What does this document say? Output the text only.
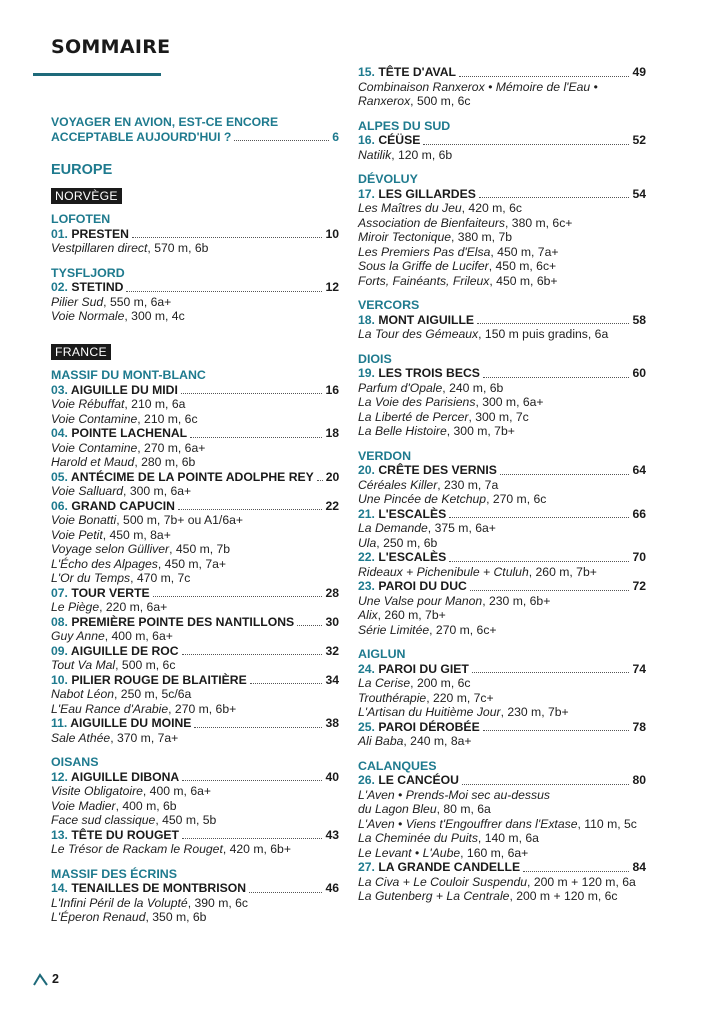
SOMMAIRE
VOYAGER EN AVION, EST-CE ENCORE
ACCEPTABLE AUJOURD'HUI ?	6
EUROPE
NORVÈGE
LOFOTEN
01. PRESTEN	10
Vestpillaren direct, 570 m, 6b
TYSFLJORD
02. STETIND	12
Pilier Sud, 550 m, 6a+
Voie Normale, 300 m, 4c
FRANCE
MASSIF DU MONT-BLANC
03. AIGUILLE DU MIDI	16
Voie Rébuffat, 210 m, 6a
Voie Contamine, 210 m, 6c
04. POINTE LACHENAL	18
Voie Contamine, 270 m, 6a+
Harold et Maud, 280 m, 6b
05. ANTÉCIME DE LA POINTE ADOLPHE REY 20
Voie Salluard, 300 m, 6a+
06. GRAND CAPUCIN	22
Voie Bonatti, 500 m, 7b+ ou A1/6a+
Voie Petit, 450 m, 8a+
Voyage selon Gülliver, 450 m, 7b
L'Écho des Alpages, 450 m, 7a+
L'Or du Temps, 470 m, 7c
07. TOUR VERTE	28
Le Piège, 220 m, 6a+
08. PREMIÈRE POINTE DES NANTILLONS	30
Guy Anne, 400 m, 6a+
09. AIGUILLE DE ROC	32
Tout Va Mal, 500 m, 6c
10. PILIER ROUGE DE BLAITIÈRE	34
Nabot Léon, 250 m, 5c/6a
L'Eau Rance d'Arabie, 270 m, 6b+
11. AIGUILLE DU MOINE	38
Sale Athée, 370 m, 7a+
OISANS
12. AIGUILLE DIBONA	40
Visite Obligatoire, 400 m, 6a+
Voie Madier, 400 m, 6b
Face sud classique, 450 m, 5b
13. TÊTE DU ROUGET	43
Le Trésor de Rackam le Rouget, 420 m, 6b+
MASSIF DES ÉCRINS
14. TENAILLES DE MONTBRISON	46
L'Infini Péril de la Volupté, 390 m, 6c
L'Éperon Renaud, 350 m, 6b
15. TÊTE D'AVAL	49
Combinaison Ranxerox • Mémoire de l'Eau •
Ranxerox, 500 m, 6c
ALPES DU SUD
16. CÉÜSE	52
Natilik, 120 m, 6b
DÉVOLUY
17. LES GILLARDES	54
Les Maîtres du Jeu, 420 m, 6c
Association de Bienfaiteurs, 380 m, 6c+
Miroir Tectonique, 380 m, 7b
Les Premiers Pas d'Elsa, 450 m, 7a+
Sous la Griffe de Lucifer, 450 m, 6c+
Forts, Fainéants, Frileux, 450 m, 6b+
VERCORS
18. MONT AIGUILLE	58
La Tour des Gémeaux, 150 m puis gradins, 6a
DIOIS
19. LES TROIS BECS	60
Parfum d'Opale, 240 m, 6b
La Voie des Parisiens, 300 m, 6a+
La Liberté de Percer, 300 m, 7c
La Belle Histoire, 300 m, 7b+
VERDON
20. CRÊTE DES VERNIS	64
Céréales Killer, 230 m, 7a
Une Pincée de Ketchup, 270 m, 6c
21. L'ESCALÈS	66
La Demande, 375 m, 6a+
Ula, 250 m, 6b
22. L'ESCALÈS	70
Rideaux + Pichenibule + Ctuluh, 260 m, 7b+
23. PAROI DU DUC	72
Une Valse pour Manon, 230 m, 6b+
Alix, 260 m, 7b+
Série Limitée, 270 m, 6c+
AIGLUN
24. PAROI DU GIET	74
La Cerise, 200 m, 6c
Trouthérapie, 220 m, 7c+
L'Artisan du Huitième Jour, 230 m, 7b+
25. PAROI DÉROBÉE	78
Ali Baba, 240 m, 8a+
CALANQUES
26. LE CANCÉOU	80
L'Aven • Prends-Moi sec au-dessus
du Lagon Bleu, 80 m, 6a
L'Aven • Viens t'Engouffrer dans l'Extase, 110 m, 5c
La Cheminée du Puits, 140 m, 6a
Le Levant • L'Aube, 160 m, 6a+
27. LA GRANDE CANDELLE	84
La Civa + Le Couloir Suspendu, 200 m + 120 m, 6a
La Gutenberg + La Centrale, 200 m + 120 m, 6c
2
